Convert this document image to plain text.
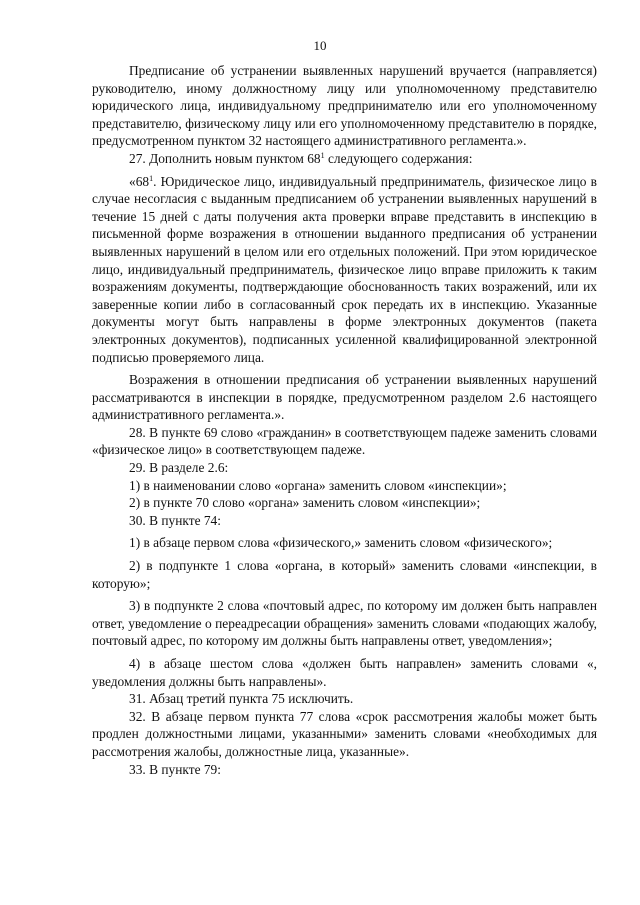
10

Предписание об устранении выявленных нарушений вручается (направляется) руководителю, иному должностному лицу или уполномоченному представителю юридического лица, индивидуальному предпринимателю или его уполномоченному представителю, физическому лицу или его уполномоченному представителю в порядке, предусмотренном пунктом 32 настоящего административного регламента.».

27. Дополнить новым пунктом $68^1$ следующего содержания:

«$68^1$. Юридическое лицо, индивидуальный предприниматель, физическое лицо в случае несогласия с выданным предписанием об устранении выявленных нарушений в течение 15 дней с даты получения акта проверки вправе представить в инспекцию в письменной форме возражения в отношении выданного предписания об устранении выявленных нарушений в целом или его отдельных положений. При этом юридическое лицо, индивидуальный предприниматель, физическое лицо вправе приложить к таким возражениям документы, подтверждающие обоснованность таких возражений, или их заверенные копии либо в согласованный срок передать их в инспекцию. Указанные документы могут быть направлены в форме электронных документов (пакета электронных документов), подписанных усиленной квалифицированной электронной подписью проверяемого лица.

Возражения в отношении предписания об устранении выявленных нарушений рассматриваются в инспекции в порядке, предусмотренном разделом 2.6 настоящего административного регламента.».

28. В пункте 69 слово «гражданин» в соответствующем падеже заменить словами «физическое лицо» в соответствующем падеже.

29. В разделе 2.6:

1) в наименовании слово «органа» заменить словом «инспекции»;

2) в пункте 70 слово «органа» заменить словом «инспекции»;

30. В пункте 74:

1) в абзаце первом слова «физического,» заменить словом «физического»;

2) в подпункте 1 слова «органа, в который» заменить словами «инспекции, в которую»;

3) в подпункте 2 слова «почтовый адрес, по которому им должен быть направлен ответ, уведомление о переадресации обращения» заменить словами «подающих жалобу, почтовый адрес, по которому им должны быть направлены ответ, уведомления»;

4) в абзаце шестом слова «должен быть направлен» заменить словами «, уведомления должны быть направлены».

31. Абзац третий пункта 75 исключить.

32. В абзаце первом пункта 77 слова «срок рассмотрения жалобы может быть продлен должностными лицами, указанными» заменить словами «необходимых для рассмотрения жалобы, должностные лица, указанные».

33. В пункте 79:
